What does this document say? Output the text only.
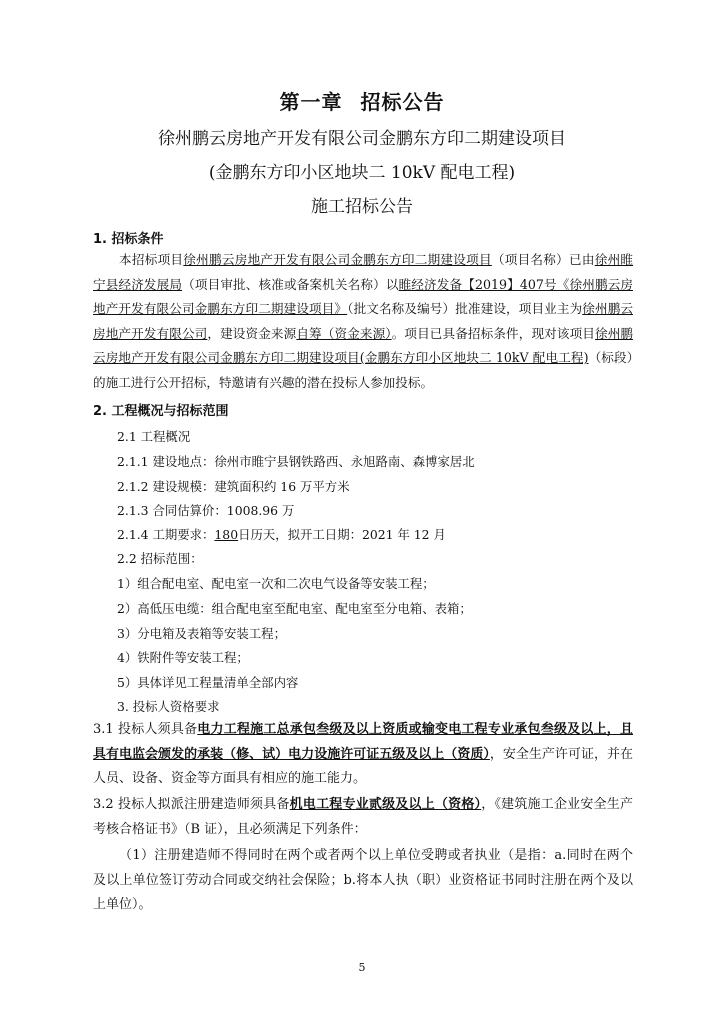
第一章 招标公告
徐州鹏云房地产开发有限公司金鹏东方印二期建设项目
(金鹏东方印小区地块二 10kV 配电工程)
施工招标公告
1. 招标条件
本招标项目徐州鹏云房地产开发有限公司金鹏东方印二期建设项目（项目名称）已由徐州睢宁县经济发展局（项目审批、核准或备案机关名称）以睢经济发备【2019】407号《徐州鹏云房地产开发有限公司金鹏东方印二期建设项目》（批文名称及编号）批准建设，项目业主为徐州鹏云房地产开发有限公司，建设资金来源自筹（资金来源）。项目已具备招标条件，现对该项目徐州鹏云房地产开发有限公司金鹏东方印二期建设项目(金鹏东方印小区地块二 10kV 配电工程)（标段）的施工进行公开招标，特邀请有兴趣的潜在投标人参加投标。
2. 工程概况与招标范围
2.1 工程概况
2.1.1 建设地点：徐州市睢宁县钢铁路西、永旭路南、森博家居北
2.1.2 建设规模：建筑面积约 16 万平方米
2.1.3 合同估算价：1008.96 万
2.1.4 工期要求：180日历天，拟开工日期：2021 年 12 月
2.2 招标范围：
1）组合配电室、配电室一次和二次电气设备等安装工程；
2）高低压电缆：组合配电室至配电室、配电室至分电箱、表箱；
3）分电箱及表箱等安装工程；
4）铁附件等安装工程；
5）具体详见工程量清单全部内容
3. 投标人资格要求
3.1 投标人须具备电力工程施工总承包叁级及以上资质或输变电工程专业承包叁级及以上，且具有电监会颁发的承装（修、试）电力设施许可证五级及以上（资质），安全生产许可证，并在人员、设备、资金等方面具有相应的施工能力。
3.2 投标人拟派注册建造师须具备机电工程专业贰级及以上（资格），《建筑施工企业安全生产考核合格证书》（B 证），且必须满足下列条件：
（1）注册建造师不得同时在两个或者两个以上单位受聘或者执业（是指：a.同时在两个及以上单位签订劳动合同或交纳社会保险；b.将本人执（职）业资格证书同时注册在两个及以上单位）。
5
